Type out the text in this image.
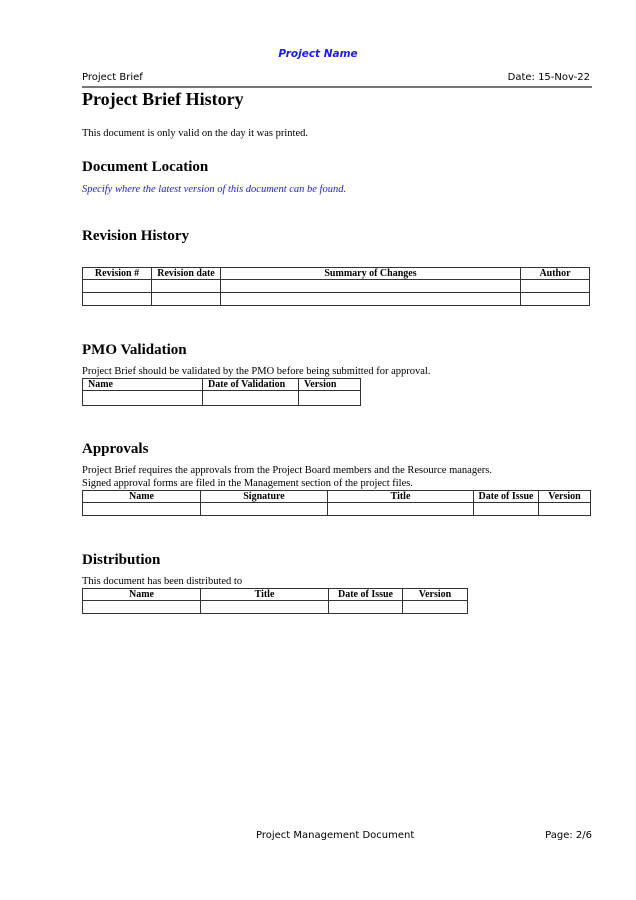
Project Name
Project Brief	Date: 15-Nov-22
Project Brief History
This document is only valid on the day it was printed.
Document Location
Specify where the latest version of this document can be found.
Revision History
Revision #	Revision date	Summary of Changes	Author

PMO Validation
Project Brief should be validated by the PMO before being submitted for approval.
Name	Date of Validation	Version

Approvals
Project Brief requires the approvals from the Project Board members and the Resource managers.
Signed approval forms are filed in the Management section of the project files.
Name	Signature	Title	Date of Issue	Version

Distribution
This document has been distributed to
Name	Title	Date of Issue	Version

Project Management Document	Page: 2/6
